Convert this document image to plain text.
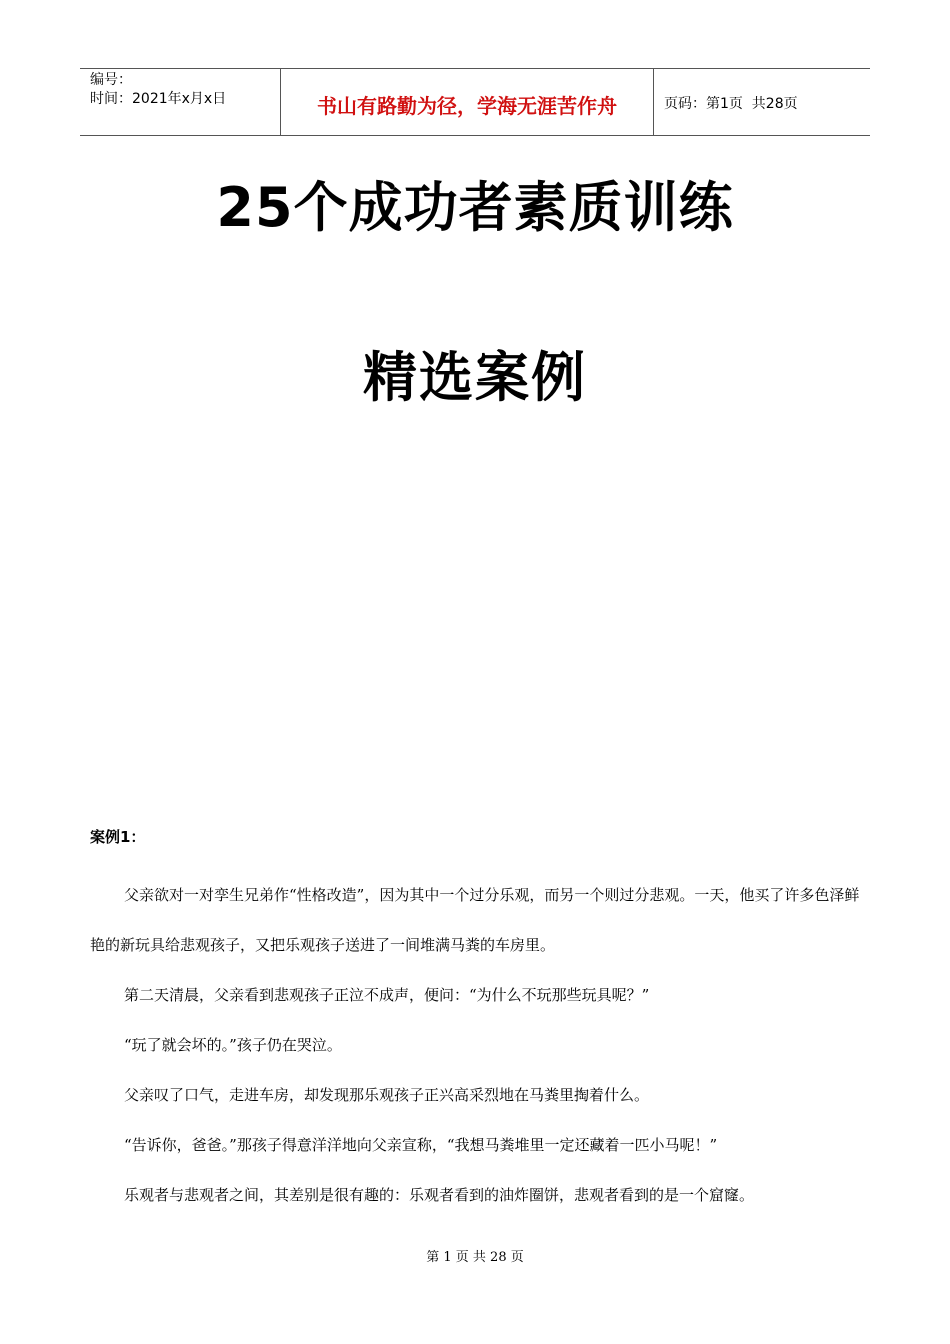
编号：
时间：2021年x月x日	书山有路勤为径，学海无涯苦作舟	页码：第1页  共28页
25个成功者素质训练
精选案例
案例1：

父亲欲对一对孪生兄弟作“性格改造”，因为其中一个过分乐观，而另一个则过分悲观。一天，他买了许多色泽鲜艳的新玩具给悲观孩子，又把乐观孩子送进了一间堆满马粪的车房里。

第二天清晨，父亲看到悲观孩子正泣不成声，便问：“为什么不玩那些玩具呢？”

“玩了就会坏的。”孩子仍在哭泣。

父亲叹了口气，走进车房，却发现那乐观孩子正兴高采烈地在马粪里掏着什么。

“告诉你，爸爸。”那孩子得意洋洋地向父亲宣称，“我想马粪堆里一定还藏着一匹小马呢！”

乐观者与悲观者之间，其差别是很有趣的：乐观者看到的油炸圈饼，悲观者看到的是一个窟窿。

第 1 页 共 28 页
